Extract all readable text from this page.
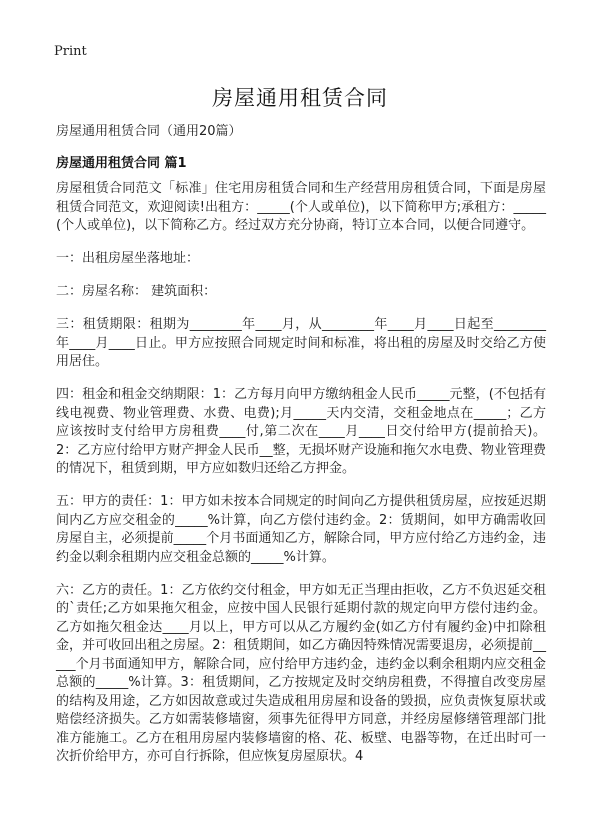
Print
房屋通用租赁合同
房屋通用租赁合同（通用20篇）
房屋通用租赁合同 篇1

房屋租赁合同范文「标准」住宅用房租赁合同和生产经营用房租赁合同，下面是房屋租赁合同范文，欢迎阅读!出租方：_____(个人或单位)，以下简称甲方;承租方：_____(个人或单位)，以下简称乙方。经过双方充分协商，特订立本合同，以便合同遵守。

一：出租房屋坐落地址：

二：房屋名称： 建筑面积：

三：租赁期限：租期为________年____月，从________年____月____日起至________年____月____日止。甲方应按照合同规定时间和标准，将出租的房屋及时交给乙方使用居住。

四：租金和租金交纳期限：1：乙方每月向甲方缴纳租金人民币_____元整，(不包括有线电视费、物业管理费、水费、电费);月_____天内交清，交租金地点在_____；乙方应该按时支付给甲方房租费____付,第二次在____月____日交付给甲方(提前拾天)。2：乙方应付给甲方财产押金人民币__整，无损坏财产设施和拖欠水电费、物业管理费的情况下，租赁到期，甲方应如数归还给乙方押金。

五：甲方的责任：1：甲方如未按本合同规定的时间向乙方提供租赁房屋，应按延迟期间内乙方应交租金的_____%计算，向乙方偿付违约金。2：赁期间，如甲方确需收回房屋自主，必须提前_____个月书面通知乙方，解除合同，甲方应付给乙方违约金，违约金以剩余租期内应交租金总额的_____%计算。

六：乙方的责任。1：乙方依约交付租金，甲方如无正当理由拒收，乙方不负迟延交租的`责任;乙方如果拖欠租金，应按中国人民银行延期付款的规定向甲方偿付违约金。乙方如拖欠租金达____月以上，甲方可以从乙方履约金(如乙方付有履约金)中扣除租金，并可收回出租之房屋。2：租赁期间，如乙方确因特殊情况需要退房，必须提前_____个月书面通知甲方，解除合同，应付给甲方违约金，违约金以剩余租期内应交租金总额的_____%计算。3：租赁期间，乙方按规定及时交纳房租费，不得擅自改变房屋的结构及用途，乙方如因故意或过失造成租用房屋和设备的毁损，应负责恢复原状或赔偿经济损失。乙方如需装修墙窗，须事先征得甲方同意，并经房屋修缮管理部门批准方能施工。乙方在租用房屋内装修墙窗的格、花、板壁、电器等物，在迁出时可一次折价给甲方，亦可自行拆除，但应恢复房屋原状。4
